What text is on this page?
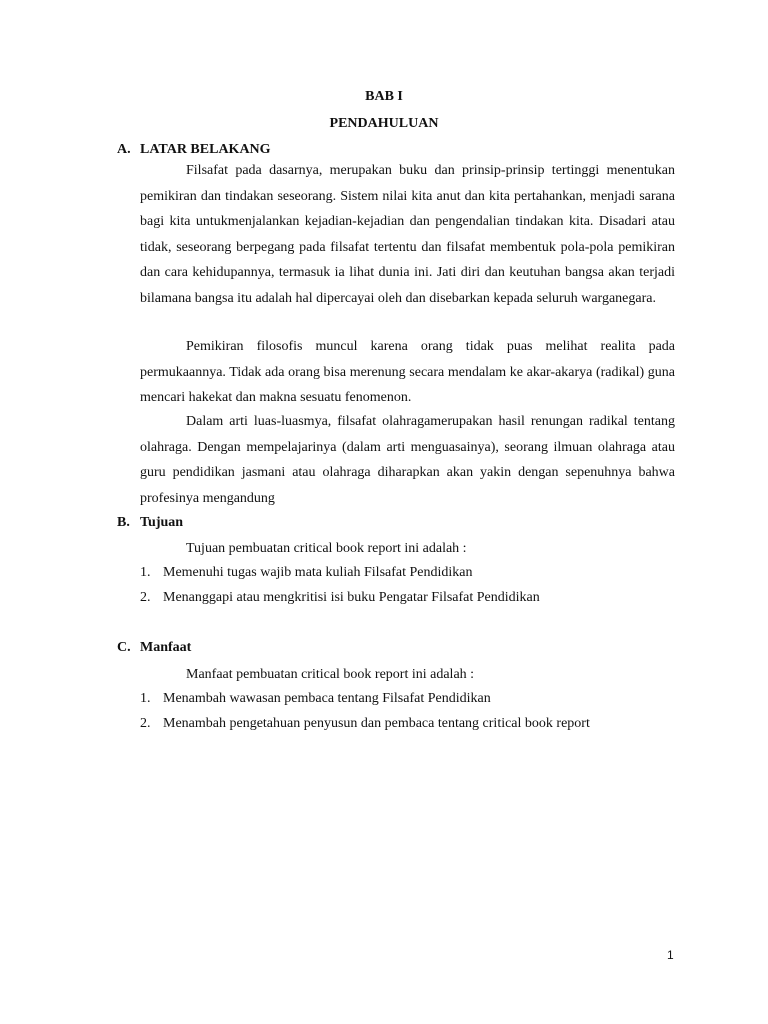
BAB I
PENDAHULUAN
A. LATAR BELAKANG

Filsafat pada dasarnya, merupakan buku dan prinsip-prinsip tertinggi menentukan pemikiran dan tindakan seseorang. Sistem nilai kita anut dan kita pertahankan, menjadi sarana bagi kita untukmenjalankan kejadian-kejadian dan pengendalian tindakan kita. Disadari atau tidak, seseorang berpegang pada filsafat tertentu dan filsafat membentuk pola-pola pemikiran dan cara kehidupannya, termasuk ia lihat dunia ini. Jati diri dan keutuhan bangsa akan terjadi bilamana bangsa itu adalah hal dipercayai oleh dan disebarkan kepada seluruh warganegara.

Pemikiran filosofis muncul karena orang tidak puas melihat realita pada permukaannya. Tidak ada orang bisa merenung secara mendalam ke akar-akarya (radikal) guna mencari hakekat dan makna sesuatu fenomenon.

Dalam arti luas-luasmya, filsafat olahragamerupakan hasil renungan radikal tentang olahraga. Dengan mempelajarinya (dalam arti menguasainya), seorang ilmuan olahraga atau guru pendidikan jasmani atau olahraga diharapkan akan yakin dengan sepenuhnya bahwa profesinya mengandung

B. Tujuan
Tujuan pembuatan critical book report ini adalah :
1. Memenuhi tugas wajib mata kuliah Filsafat Pendidikan
2. Menanggapi atau mengkritisi isi buku Pengatar Filsafat Pendidikan
C. Manfaat
Manfaat pembuatan critical book report ini adalah :
1. Menambah wawasan pembaca tentang Filsafat Pendidikan
2. Menambah pengetahuan penyusun dan pembaca tentang critical book report
1
